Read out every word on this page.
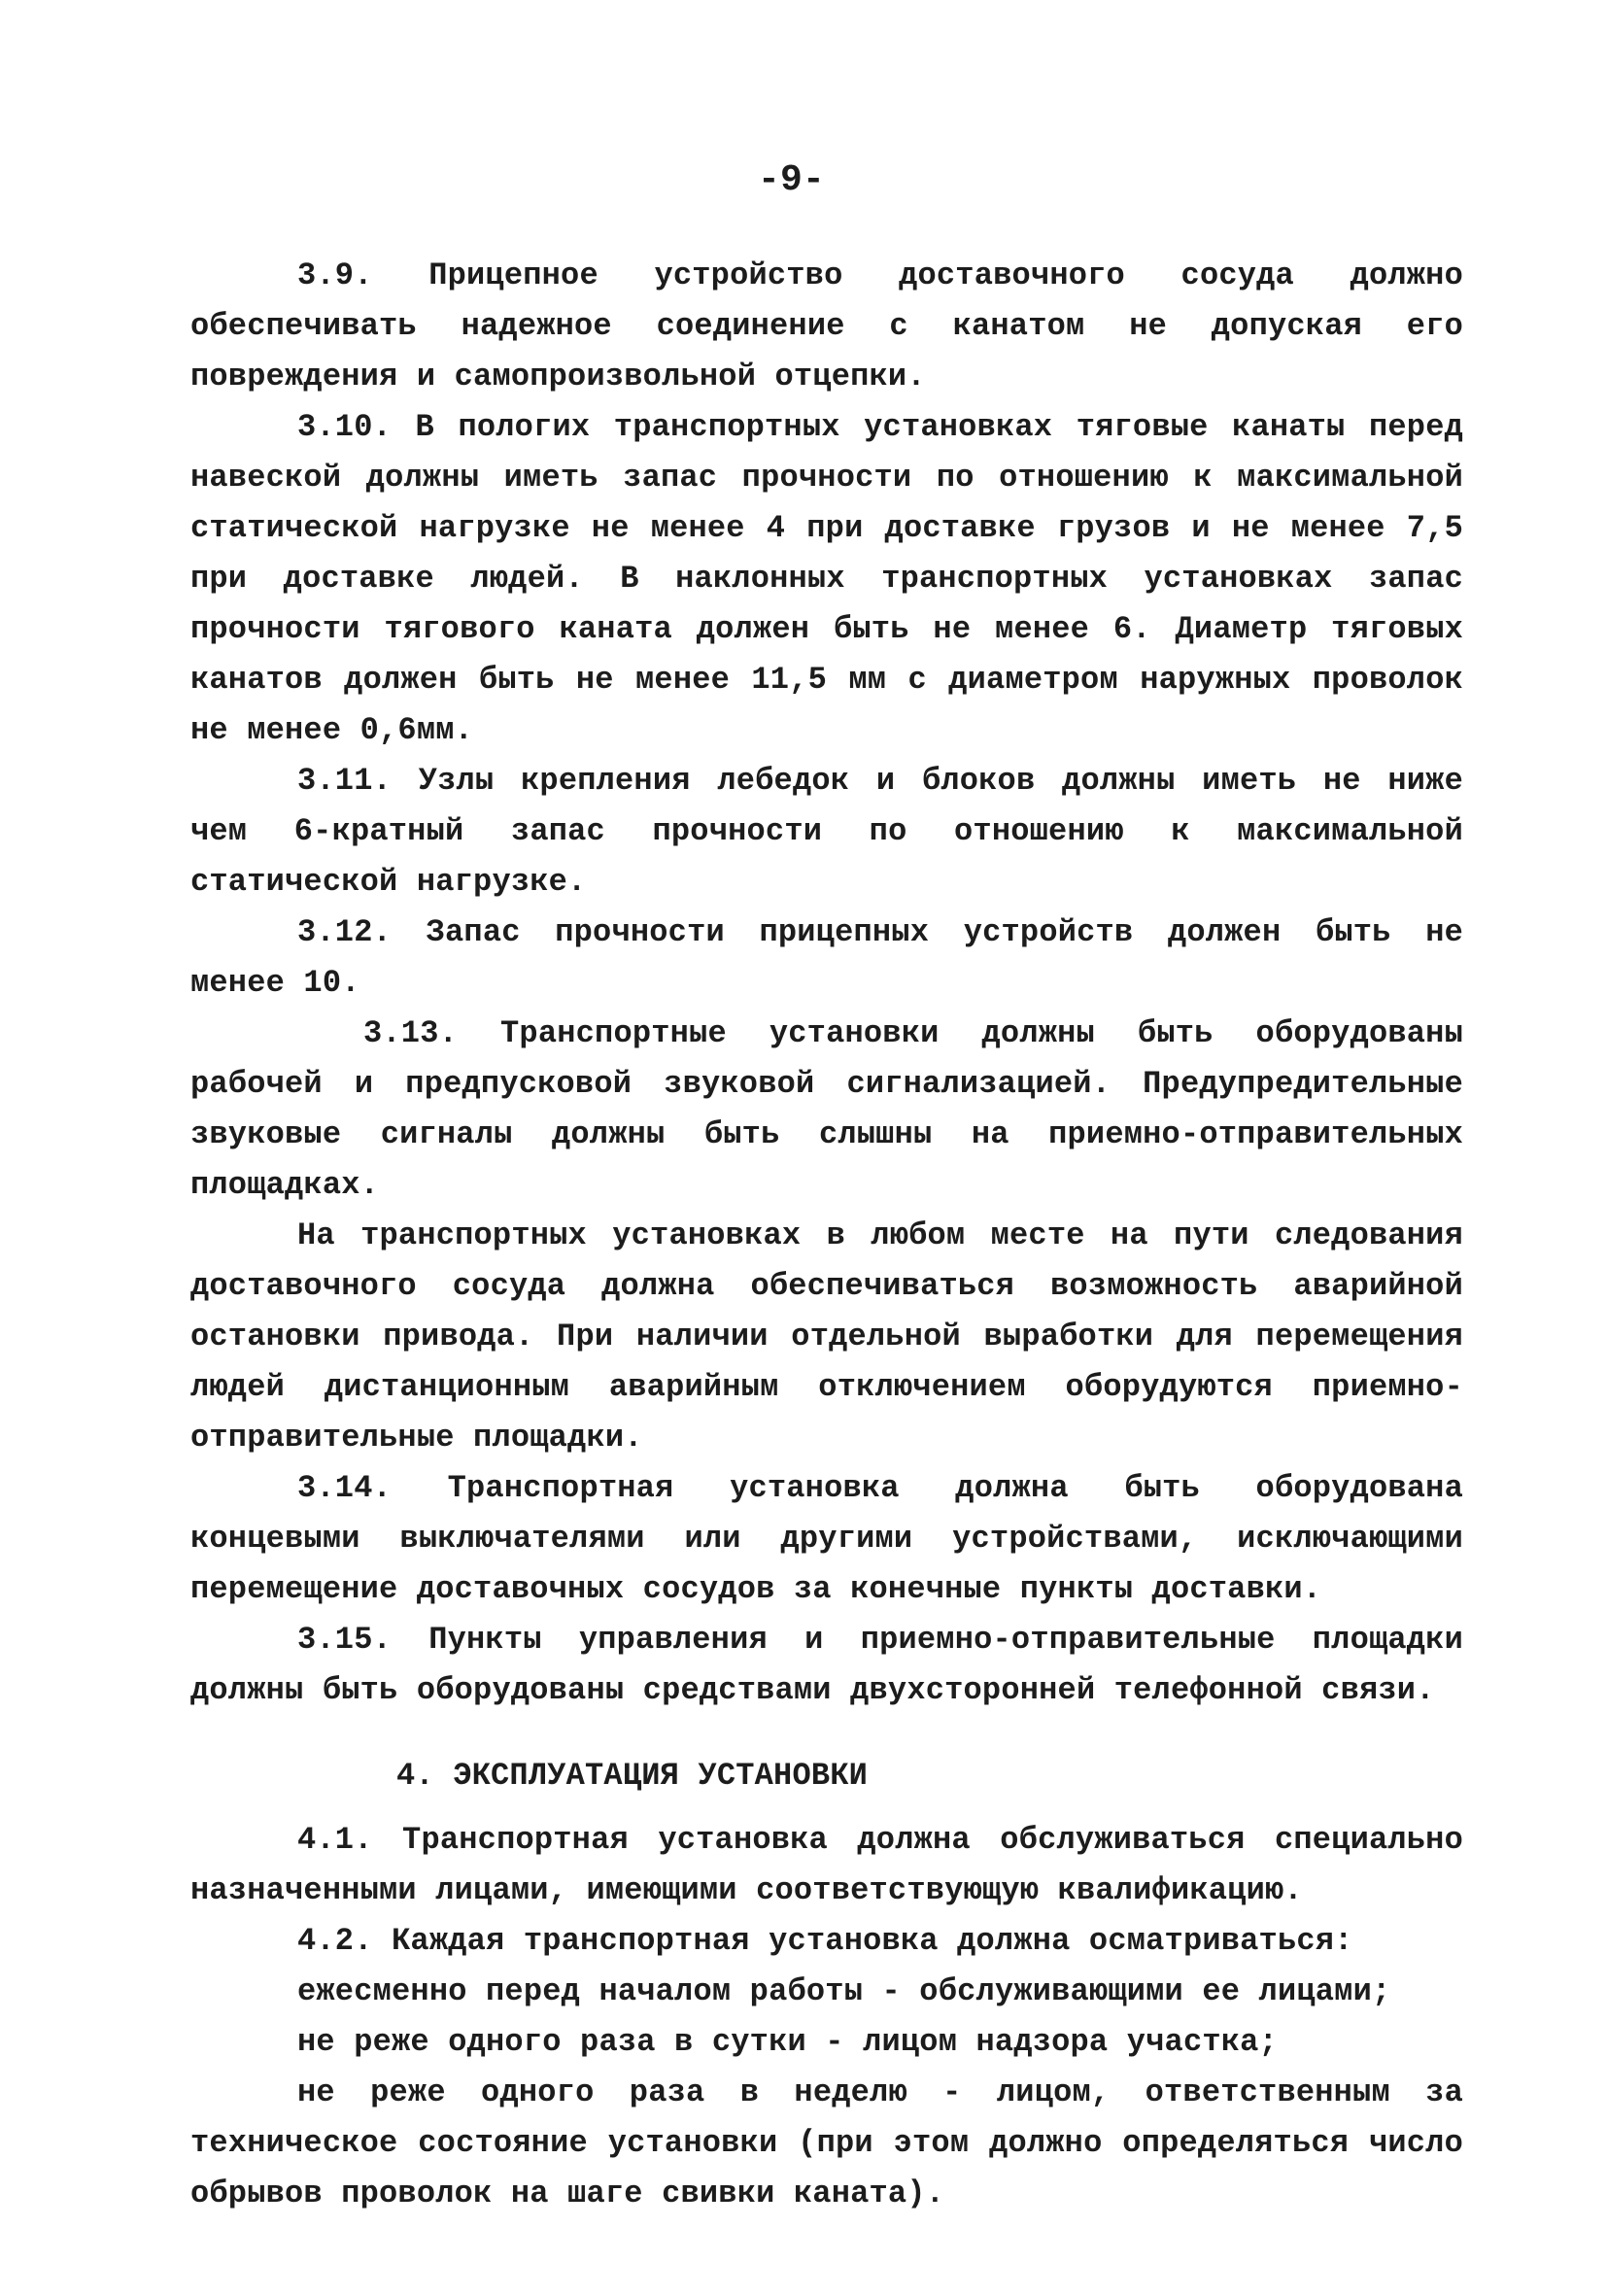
-9-

3.9. Прицепное устройство доставочного сосуда должно обеспечивать надежное соединение с канатом не допуская его повреждения и самопроизвольной отцепки.

3.10. В пологих транспортных установках тяговые канаты перед навеской должны иметь запас прочности по отношению к максимальной статической нагрузке не менее 4 при доставке грузов и не менее 7,5 при доставке людей. В наклонных транспортных установках запас прочности тягового каната должен быть не менее 6. Диаметр тяговых канатов должен быть не менее 11,5 мм с диаметром наружных проволок не менее 0,6мм.

3.11. Узлы крепления лебедок и блоков должны иметь не ниже чем 6-кратный запас прочности по отношению к максимальной статической нагрузке.

3.12. Запас прочности прицепных устройств должен быть не менее 10.

3.13. Транспортные установки должны быть оборудованы рабочей и предпусковой звуковой сигнализацией. Предупредительные звуковые сигналы должны быть слышны на приемно-отправительных площадках.

На транспортных установках в любом месте на пути следования доставочного сосуда должна обеспечиваться возможность аварийной остановки привода. При наличии отдельной выработки для перемещения людей дистанционным аварийным отключением оборудуются приемно-отправительные площадки.

3.14. Транспортная установка должна быть оборудована концевыми выключателями или другими устройствами, исключающими перемещение доставочных сосудов за конечные пункты доставки.

3.15. Пункты управления и приемно-отправительные площадки должны быть оборудованы средствами двухсторонней телефонной связи.

4. ЭКСПЛУАТАЦИЯ УСТАНОВКИ

4.1. Транспортная установка должна обслуживаться специально назначенными лицами, имеющими соответствующую квалификацию.

4.2. Каждая транспортная установка должна осматриваться:

ежесменно перед началом работы - обслуживающими ее лицами;

не реже одного раза в сутки - лицом надзора участка;

не реже одного раза в неделю - лицом, ответственным за техническое состояние установки (при этом должно определяться число обрывов проволок на шаге свивки каната).
